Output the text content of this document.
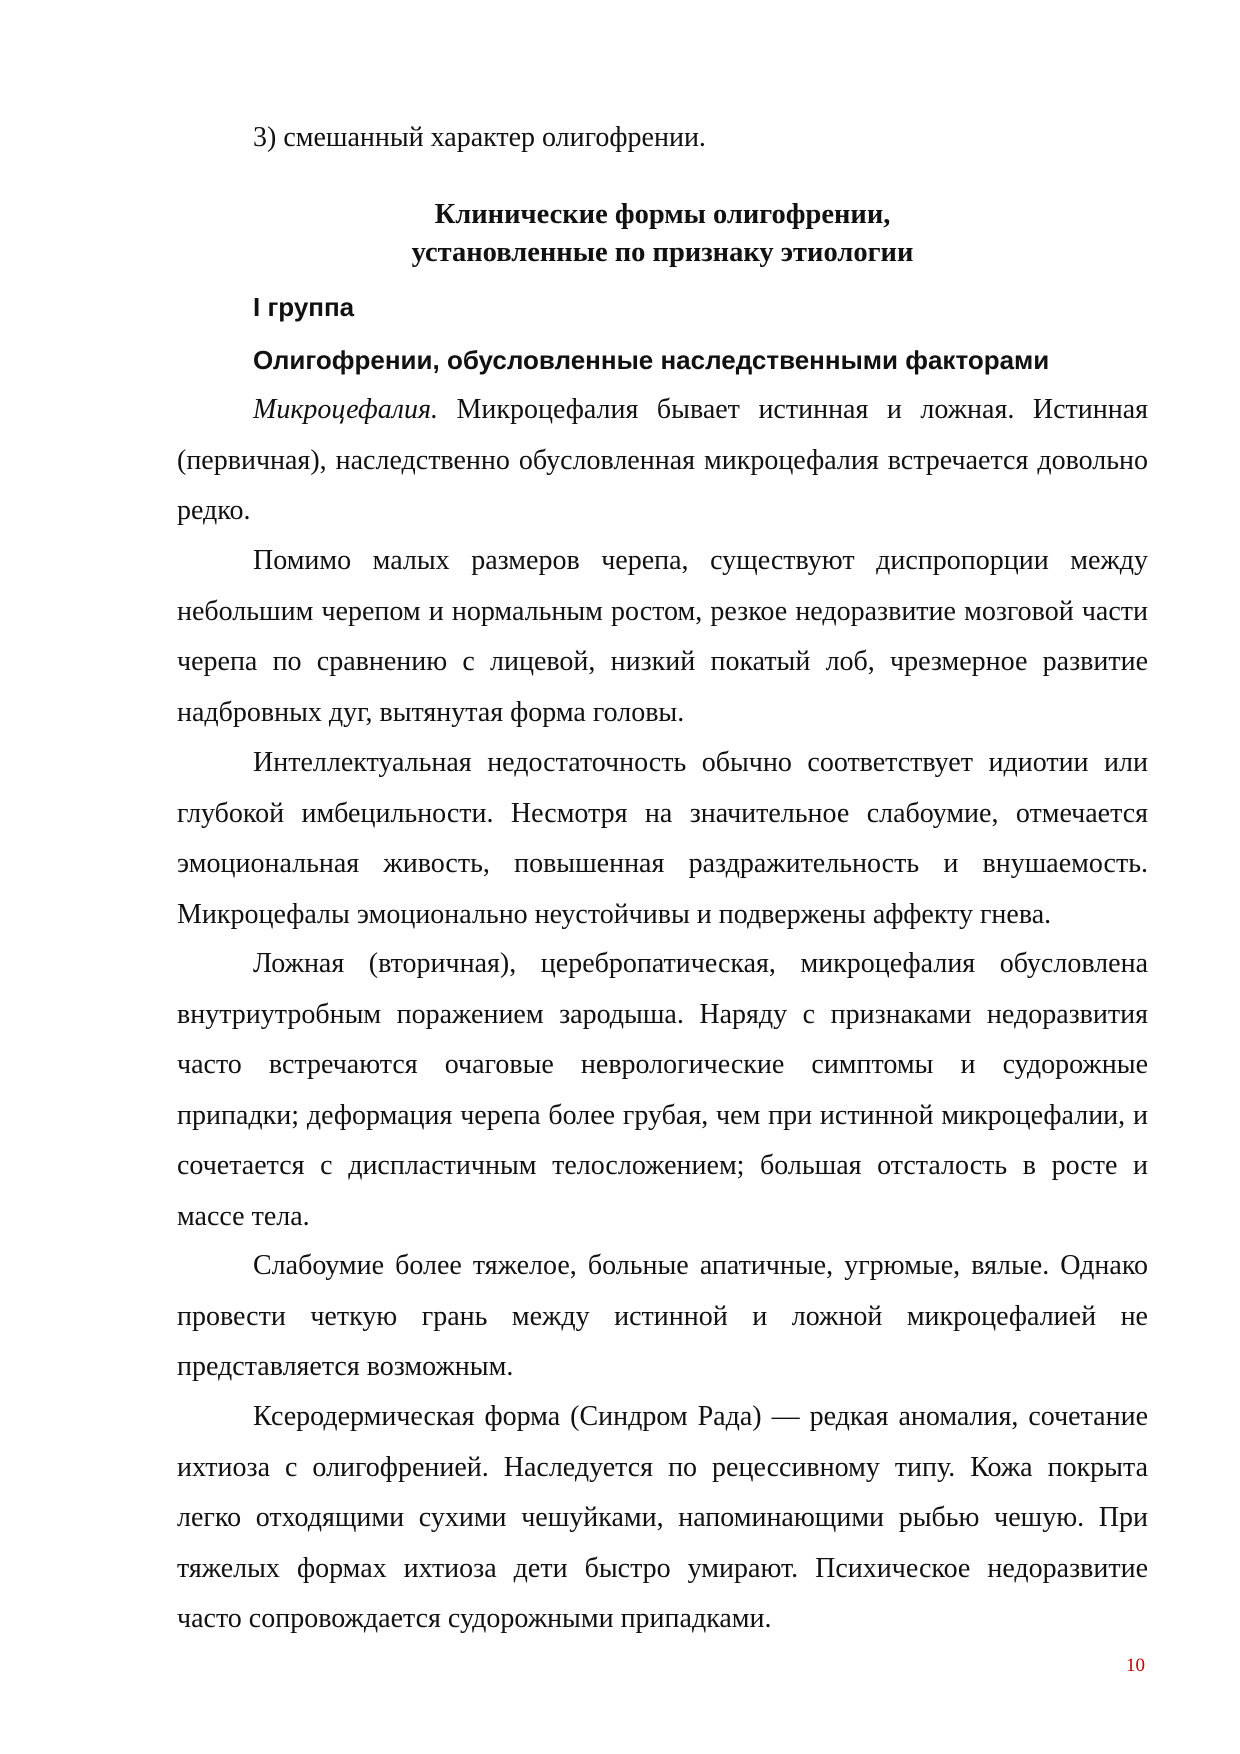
3) смешанный характер олигофрении.
Клинические формы олигофрении,
установленные по признаку этиологии
I группа
Олигофрении, обусловленные наследственными факторами

Микроцефалия. Микроцефалия бывает истинная и ложная. Истинная (первичная), наследственно обусловленная микроцефалия встречается довольно редко.

Помимо малых размеров черепа, существуют диспропорции между небольшим черепом и нормальным ростом, резкое недоразвитие мозговой части черепа по сравнению с лицевой, низкий покатый лоб, чрезмерное развитие надбровных дуг, вытянутая форма головы.

Интеллектуальная недостаточность обычно соответствует идиотии или глубокой имбецильности. Несмотря на значительное слабоумие, отмечается эмоциональная живость, повышенная раздражительность и внушаемость. Микроцефалы эмоционально неустойчивы и подвержены аффекту гнева.

Ложная (вторичная), церебропатическая, микроцефалия обусловлена внутриутробным поражением зародыша. Наряду с признаками недоразвития часто встречаются очаговые неврологические симптомы и судорожные припадки; деформация черепа более грубая, чем при истинной микроцефалии, и сочетается с диспластичным телосложением; большая отсталость в росте и массе тела.

Слабоумие более тяжелое, больные апатичные, угрюмые, вялые. Однако провести четкую грань между истинной и ложной микроцефалией не представляется возможным.

Ксеродермическая форма (Синдром Рада) — редкая аномалия, сочетание ихтиоза с олигофренией. Наследуется по рецессивному типу. Кожа покрыта легко отходящими сухими чешуйками, напоминающими рыбью чешую. При тяжелых формах ихтиоза дети быстро умирают. Психическое недоразвитие часто сопровождается судорожными припадками.

10
